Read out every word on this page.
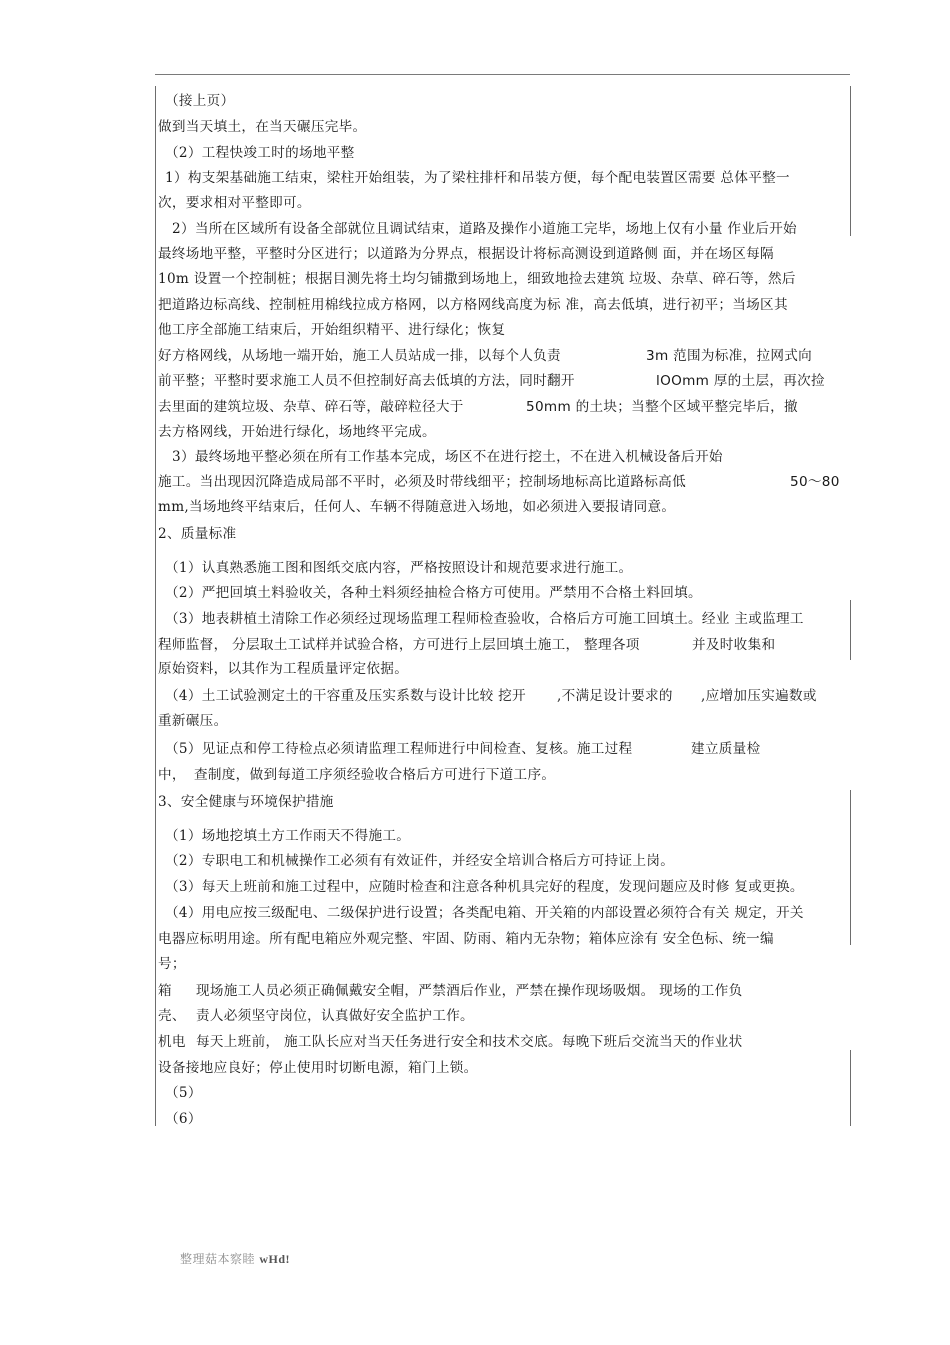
（接上页）
做到当天填土，在当天碾压完毕。
（2）工程快竣工时的场地平整
1）构支架基础施工结束，梁柱开始组装，为了梁柱排杆和吊装方便，每个配电装置区需要 总体平整一
次，要求相对平整即可。
2）当所在区域所有设备全部就位且调试结束，道路及操作小道施工完毕，场地上仅有小量 作业后开始
最终场地平整，平整时分区进行；以道路为分界点，根据设计将标高测设到道路侧 面，并在场区每隔
10m 设置一个控制桩；根据目测先将土均匀铺撒到场地上，细致地捡去建筑 垃圾、杂草、碎石等，然后
把道路边标高线、控制桩用棉线拉成方格网，以方格网线高度为标 准，高去低填，进行初平；当场区其
他工序全部施工结束后，开始组织精平、进行绿化；恢复
好方格网线，从场地一端开始，施工人员站成一排，以每个人负责	3m 范围为标准，拉网式向
前平整；平整时要求施工人员不但控制好高去低填的方法，同时翻开	lOOmm 厚的土层，再次捡
去里面的建筑垃圾、杂草、碎石等，敲碎粒径大于	50mm 的土块；当整个区域平整完毕后，撤
去方格网线，开始进行绿化，场地终平完成。
3）最终场地平整必须在所有工作基本完成，场区不在进行挖土，不在进入机械设备后开始
施工。当出现因沉降造成局部不平时，必须及时带线细平；控制场地标高比道路标高低	50～80
mm,当场地终平结束后，任何人、车辆不得随意进入场地，如必须进入要报请同意。
2、质量标准
（1）认真熟悉施工图和图纸交底内容，严格按照设计和规范要求进行施工。
（2）严把回填土料验收关，各种土料须经抽检合格方可使用。严禁用不合格土料回填。
（3）地表耕植土清除工作必须经过现场监理工程师检查验收，合格后方可施工回填土。经业 主或监理工
程师监督， 分层取土工试样并试验合格，方可进行上层回填土施工， 整理各项	并及时收集和
原始资料，以其作为工程质量评定依据。
（4）土工试验测定土的干容重及压实系数与设计比较 挖开 ,不满足设计要求的 ,应增加压实遍数或
重新碾压。
（5）见证点和停工待检点必须请监理工程师进行中间检查、复核。施工过程	建立质量检
中， 查制度，做到每道工序须经验收合格后方可进行下道工序。
3、安全健康与环境保护措施
（1）场地挖填土方工作雨天不得施工。
（2）专职电工和机械操作工必须有有效证件，并经安全培训合格后方可持证上岗。
（3）每天上班前和施工过程中，应随时检查和注意各种机具完好的程度，发现问题应及时修 复或更换。
（4）用电应按三级配电、二级保护进行设置；各类配电箱、开关箱的内部设置必须符合有关 规定，开关
电器应标明用途。所有配电箱应外观完整、牢固、防雨、箱内无杂物；箱体应涂有 安全色标、统一编
号；
箱 现场施工人员必须正确佩戴安全帽，严禁酒后作业，严禁在操作现场吸烟。 现场的工作负
壳、 责人必须坚守岗位，认真做好安全监护工作。
机电 每天上班前， 施工队长应对当天任务进行安全和技术交底。每晚下班后交流当天的作业状
设备接地应良好；停止使用时切断电源，箱门上锁。
（5）
（6）
整理菇本察睦 wHd!
